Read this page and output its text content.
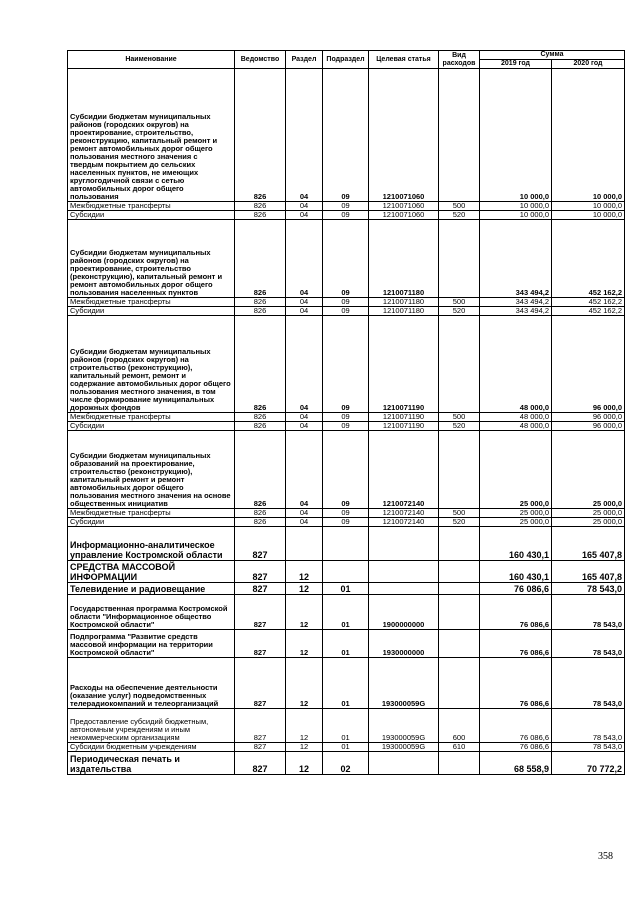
Наименование	Ведомство	Раздел	Подраздел	Целевая статья	Вид расходов	Сумма	
						2019 год	2020 год
Субсидии бюджетам муниципальных районов (городских округов) на проектирование, строительство, реконструкцию, капитальный ремонт и ремонт автомобильных дорог общего пользования местного значения с твердым покрытием до сельских населенных пунктов, не имеющих круглогодичной связи с сетью автомобильных дорог общего пользования	826	04	09	1210071060		10 000,0	10 000,0
Межбюджетные трансферты	826	04	09	1210071060	500	10 000,0	10 000,0
Субсидии	826	04	09	1210071060	520	10 000,0	10 000,0
Субсидии бюджетам муниципальных районов (городских округов) на проектирование, строительство (реконструкцию), капитальный ремонт и ремонт автомобильных дорог общего пользования населенных пунктов	826	04	09	1210071180		343 494,2	452 162,2
Межбюджетные трансферты	826	04	09	1210071180	500	343 494,2	452 162,2
Субсидии	826	04	09	1210071180	520	343 494,2	452 162,2
Субсидии бюджетам муниципальных районов (городских округов) на строительство (реконструкцию), капитальный ремонт, ремонт и содержание автомобильных дорог общего пользования местного значения, в том числе формирование муниципальных дорожных фондов	826	04	09	1210071190		48 000,0	96 000,0
Межбюджетные трансферты	826	04	09	1210071190	500	48 000,0	96 000,0
Субсидии	826	04	09	1210071190	520	48 000,0	96 000,0
Субсидии бюджетам муниципальных образований на проектирование, строительство (реконструкцию), капитальный ремонт и ремонт автомобильных дорог общего пользования местного значения на основе общественных инициатив	826	04	09	1210072140		25 000,0	25 000,0
Межбюджетные трансферты	826	04	09	1210072140	500	25 000,0	25 000,0
Субсидии	826	04	09	1210072140	520	25 000,0	25 000,0
Информационно-аналитическое управление Костромской области	827					160 430,1	165 407,8
СРЕДСТВА МАССОВОЙ ИНФОРМАЦИИ	827	12				160 430,1	165 407,8
Телевидение и радиовещание	827	12	01			76 086,6	78 543,0
Государственная программа Костромской области "Информационное общество Костромской области"	827	12	01	1900000000		76 086,6	78 543,0
Подпрограмма "Развитие средств массовой информации на территории Костромской области"	827	12	01	1930000000		76 086,6	78 543,0
Расходы на обеспечение деятельности (оказание услуг) подведомственных телерадиокомпаний и телеорганизаций	827	12	01	193000059G		76 086,6	78 543,0
Предоставление субсидий бюджетным, автономным учреждениям и иным некоммерческим организациям	827	12	01	193000059G	600	76 086,6	78 543,0
Субсидии бюджетным учреждениям	827	12	01	193000059G	610	76 086,6	78 543,0
Периодическая печать и издательства	827	12	02			68 558,9	70 772,2
358
